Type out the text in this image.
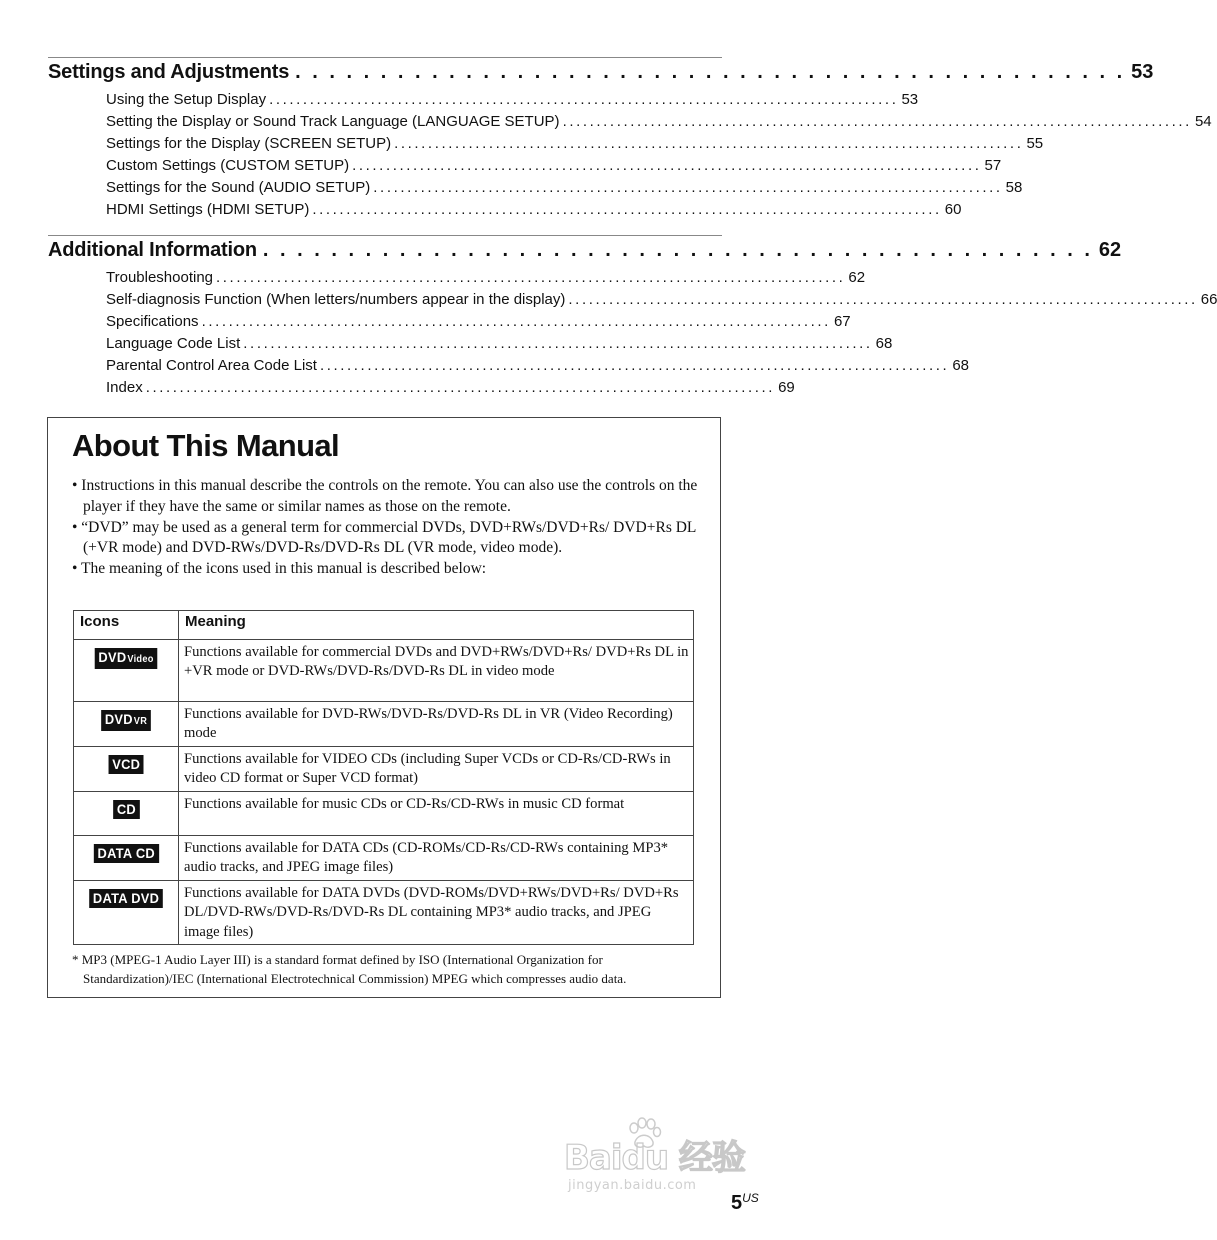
Settings and Adjustments . . . . . . . . . . . . . . . . . . . . . . . . . . . . . . . . . . . . . . . . . . . . . . . . . 53
Using the Setup Display ............................................................................................. 53
Setting the Display or Sound Track Language (LANGUAGE SETUP) ............................................................................................. 54
Settings for the Display (SCREEN SETUP) ............................................................................................. 55
Custom Settings (CUSTOM SETUP) ............................................................................................. 57
Settings for the Sound (AUDIO SETUP) ............................................................................................. 58
HDMI Settings (HDMI SETUP) ............................................................................................. 60
Additional Information . . . . . . . . . . . . . . . . . . . . . . . . . . . . . . . . . . . . . . . . . . . . . . . . . 62
Troubleshooting ............................................................................................. 62
Self-diagnosis Function (When letters/numbers appear in the display) ............................................................................................. 66
Specifications ............................................................................................. 67
Language Code List ............................................................................................. 68
Parental Control Area Code List ............................................................................................. 68
Index ............................................................................................. 69
About This Manual

• Instructions in this manual describe the controls on the remote. You can also use the controls on the player if they have the same or similar names as those on the remote.

• “DVD” may be used as a general term for commercial DVDs, DVD+RWs/DVD+Rs/ DVD+Rs DL (+VR mode) and DVD-RWs/DVD-Rs/DVD-Rs DL (VR mode, video mode).

• The meaning of the icons used in this manual is described below:

Icons	Meaning
DVDVideo	Functions available for commercial DVDs and DVD+RWs/DVD+Rs/ DVD+Rs DL in +VR mode or DVD-RWs/DVD-Rs/DVD-Rs DL in video mode
DVDVR	Functions available for DVD-RWs/DVD-Rs/DVD-Rs DL in VR (Video Recording) mode
VCD	Functions available for VIDEO CDs (including Super VCDs or CD-Rs/CD-RWs in video CD format or Super VCD format)
CD	Functions available for music CDs or CD-Rs/CD-RWs in music CD format
DATA CD	Functions available for DATA CDs (CD-ROMs/CD-Rs/CD-RWs containing MP3* audio tracks, and JPEG image files)
DATA DVD	Functions available for DATA DVDs (DVD-ROMs/DVD+RWs/DVD+Rs/ DVD+Rs DL/DVD-RWs/DVD-Rs/DVD-Rs DL containing MP3* audio tracks, and JPEG image files)

* MP3 (MPEG-1 Audio Layer III) is a standard format defined by ISO (International Organization for Standardization)/IEC (International Electrotechnical Commission) MPEG which compresses audio data.

Baidu 经验
jingyan.baidu.com
$5^{US}$
